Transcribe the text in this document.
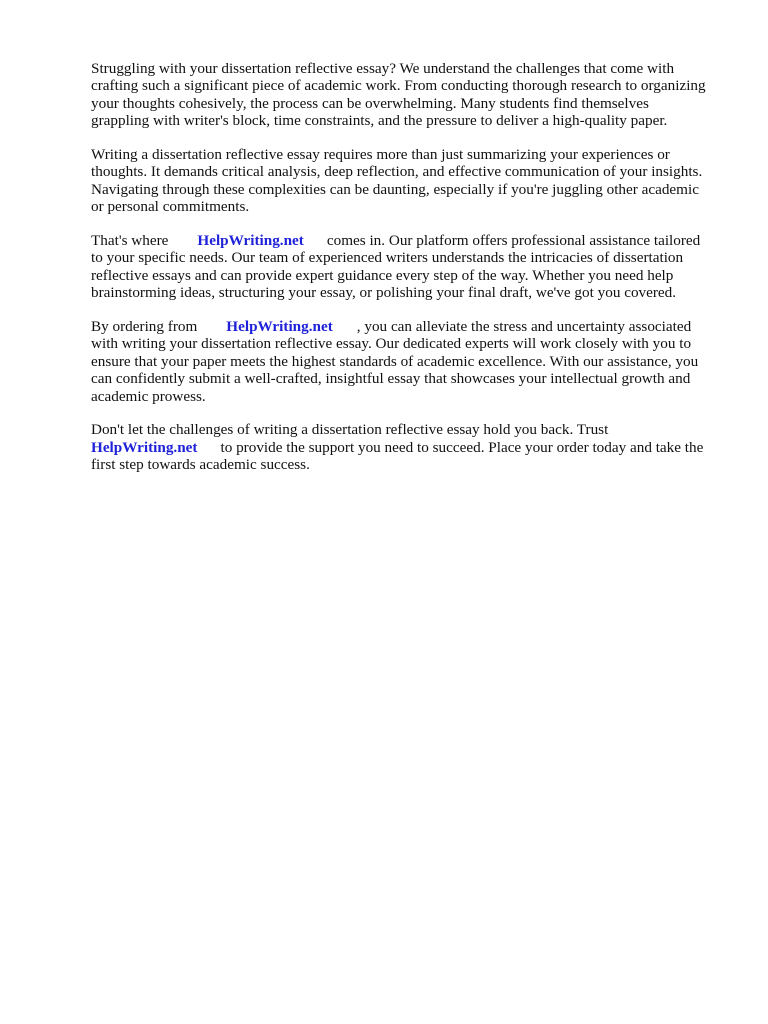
Struggling with your dissertation reflective essay? We understand the challenges that come with
crafting such a significant piece of academic work. From conducting thorough research to organizing
your thoughts cohesively, the process can be overwhelming. Many students find themselves
grappling with writer's block, time constraints, and the pressure to deliver a high-quality paper.

Writing a dissertation reflective essay requires more than just summarizing your experiences or
thoughts. It demands critical analysis, deep reflection, and effective communication of your insights.
Navigating through these complexities can be daunting, especially if you're juggling other academic
or personal commitments.

That's where HelpWriting.net comes in. Our platform offers professional assistance tailored
to your specific needs. Our team of experienced writers understands the intricacies of dissertation
reflective essays and can provide expert guidance every step of the way. Whether you need help
brainstorming ideas, structuring your essay, or polishing your final draft, we've got you covered.

By ordering from HelpWriting.net , you can alleviate the stress and uncertainty associated
with writing your dissertation reflective essay. Our dedicated experts will work closely with you to
ensure that your paper meets the highest standards of academic excellence. With our assistance, you
can confidently submit a well-crafted, insightful essay that showcases your intellectual growth and
academic prowess.

Don't let the challenges of writing a dissertation reflective essay hold you back. Trust
HelpWriting.net to provide the support you need to succeed. Place your order today and take the
first step towards academic success.
